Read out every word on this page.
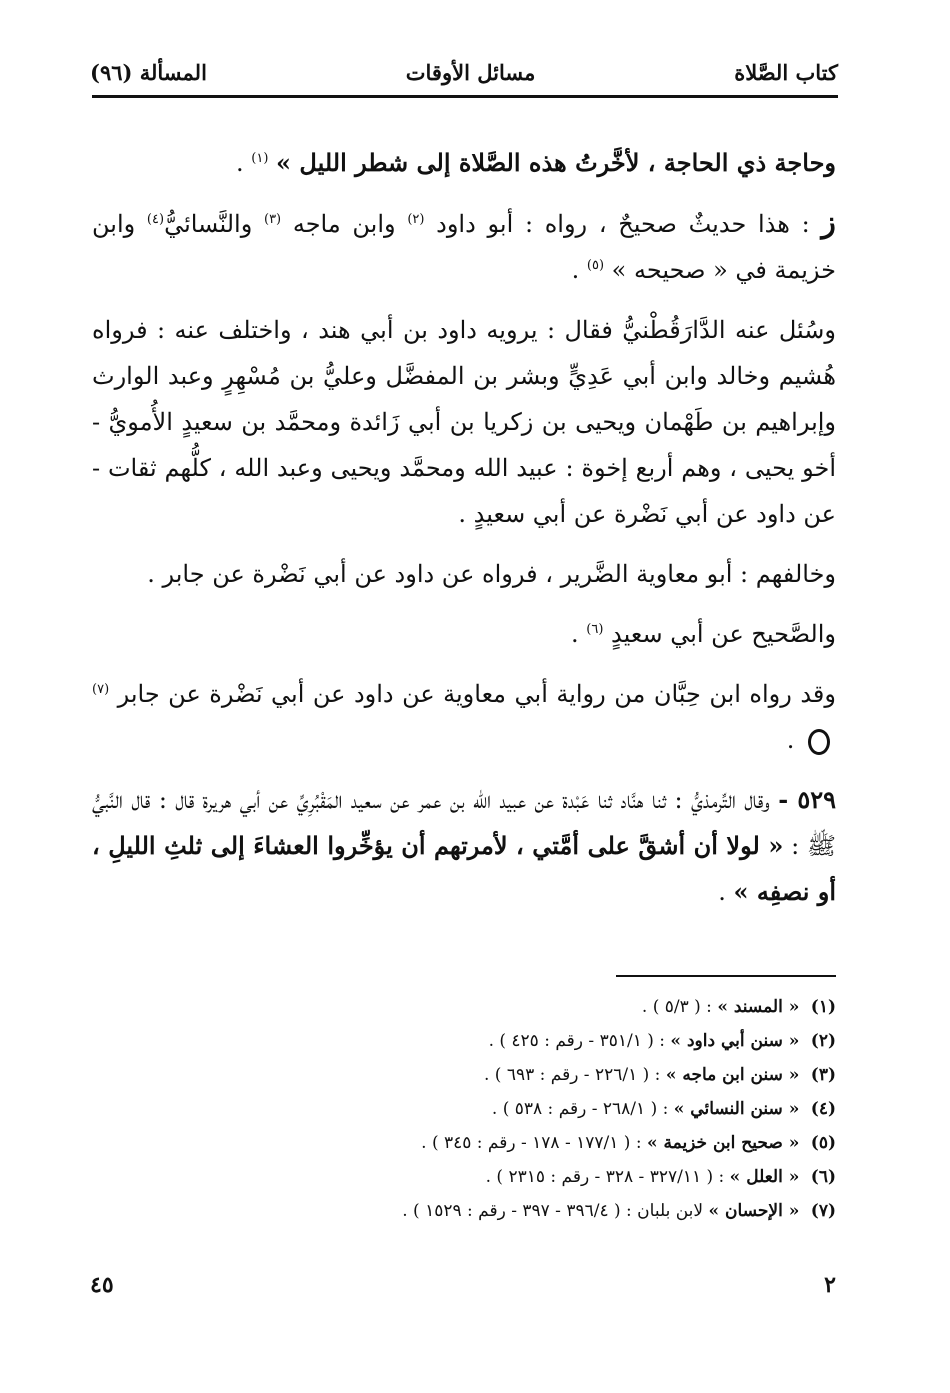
كتاب الصَّلاة
مسائل الأوقات
المسألة (٩٦)

وحاجة ذي الحاجة ، لأخَّرتُ هذه الصَّلاة إلى شطر الليل » $^{(١)}$ .

ز : هذا حديثٌ صحيحٌ ، رواه : أبو داود $^{(٢)}$ وابن ماجه $^{(٣)}$ والنَّسائيُّ$^{(٤)}$ وابن خزيمة في « صحيحه » $^{(٥)}$ .

وسُئل عنه الدَّارَقُطْنيُّ فقال : يرويه داود بن أبي هند ، واختلف عنه : فرواه هُشيم وخالد وابن أبي عَدِيٍّ وبشر بن المفضَّل وعليُّ بن مُسْهِرٍ وعبد الوارث وإبراهيم بن طَهْمان ويحيى بن زكريا بن أبي زَائدة ومحمَّد بن سعيدٍ الأُمويُّ - أخو يحيى ، وهم أربع إخوة : عبيد الله ومحمَّد ويحيى وعبد الله ، كلُّهم ثقات - عن داود عن أبي نَضْرة عن أبي سعيدٍ .

وخالفهم : أبو معاوية الضَّرير ، فرواه عن داود عن أبي نَضْرة عن جابر .

والصَّحيح عن أبي سعيدٍ $^{(٦)}$ .

وقد رواه ابن حِبَّان من رواية أبي معاوية عن داود عن أبي نَضْرة عن جابر $^{(٧)}$  .

٥٢٩ - وقال التِّرمذيُّ : ثنا هنَّاد ثنا عَبْدة عن عبيد الله بن عمر عن سعيد المَقْبُرِيِّ عن أبي هريرة قال : قال النَّبيُّ ﷺ : « لولا أن أشقَّ على أمَّتي ، لأمرتهم أن يؤخِّروا العشاءَ إلى ثلثِ الليلِ ، أو نصفِه » .

(١) « المسند » : ( ٥/٣ ) .
(٢) « سنن أبي داود » : ( ٣٥١/١ - رقم : ٤٢٥ ) .
(٣) « سنن ابن ماجه » : ( ٢٢٦/١ - رقم : ٦٩٣ ) .
(٤) « سنن النسائي » : ( ٢٦٨/١ - رقم : ٥٣٨ ) .
(٥) « صحيح ابن خزيمة » : ( ١٧٧/١ - ١٧٨ - رقم : ٣٤٥ ) .
(٦) « العلل » : ( ٣٢٧/١١ - ٣٢٨ - رقم : ٢٣١٥ ) .
(٧) « الإحسان » لابن بلبان : ( ٣٩٦/٤ - ٣٩٧ - رقم : ١٥٢٩ ) .
٢
٤٥
